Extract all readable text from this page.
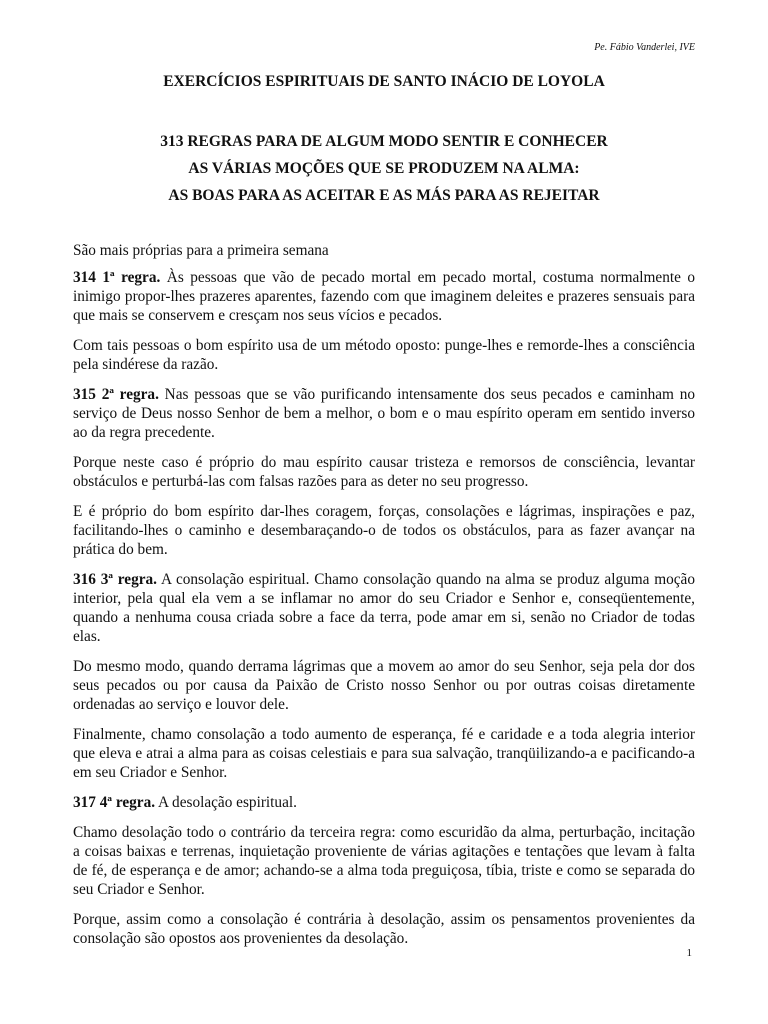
Pe. Fábio Vanderlei, IVE
EXERCÍCIOS ESPIRITUAIS DE SANTO INÁCIO DE LOYOLA
313 REGRAS PARA DE ALGUM MODO SENTIR E CONHECER
AS VÁRIAS MOÇÕES QUE SE PRODUZEM NA ALMA:
AS BOAS PARA AS ACEITAR E AS MÁS PARA AS REJEITAR

São mais próprias para a primeira semana

314 1ª regra. Às pessoas que vão de pecado mortal em pecado mortal, costuma normalmente o inimigo propor-lhes prazeres aparentes, fazendo com que imaginem deleites e prazeres sensuais para que mais se conservem e cresçam nos seus vícios e pecados.

Com tais pessoas o bom espírito usa de um método oposto: punge-lhes e remorde-lhes a consciência pela sindérese da razão.

315 2ª regra. Nas pessoas que se vão purificando intensamente dos seus pecados e caminham no serviço de Deus nosso Senhor de bem a melhor, o bom e o mau espírito operam em sentido inverso ao da regra precedente.

Porque neste caso é próprio do mau espírito causar tristeza e remorsos de consciência, levantar obstáculos e perturbá-las com falsas razões para as deter no seu progresso.

E é próprio do bom espírito dar-lhes coragem, forças, consolações e lágrimas, inspirações e paz, facilitando-lhes o caminho e desembaraçando-o de todos os obstáculos, para as fazer avançar na prática do bem.

316 3ª regra. A consolação espiritual. Chamo consolação quando na alma se produz alguma moção interior, pela qual ela vem a se inflamar no amor do seu Criador e Senhor e, conseqüentemente, quando a nenhuma cousa criada sobre a face da terra, pode amar em si, senão no Criador de todas elas.

Do mesmo modo, quando derrama lágrimas que a movem ao amor do seu Senhor, seja pela dor dos seus pecados ou por causa da Paixão de Cristo nosso Senhor ou por outras coisas diretamente ordenadas ao serviço e louvor dele.

Finalmente, chamo consolação a todo aumento de esperança, fé e caridade e a toda alegria interior que eleva e atrai a alma para as coisas celestiais e para sua salvação, tranqüilizando-a e pacificando-a em seu Criador e Senhor.

317 4ª regra. A desolação espiritual.

Chamo desolação todo o contrário da terceira regra: como escuridão da alma, perturbação, incitação a coisas baixas e terrenas, inquietação proveniente de várias agitações e tentações que levam à falta de fé, de esperança e de amor; achando-se a alma toda preguiçosa, tíbia, triste e como se separada do seu Criador e Senhor.

Porque, assim como a consolação é contrária à desolação, assim os pensamentos provenientes da consolação são opostos aos provenientes da desolação.

1
